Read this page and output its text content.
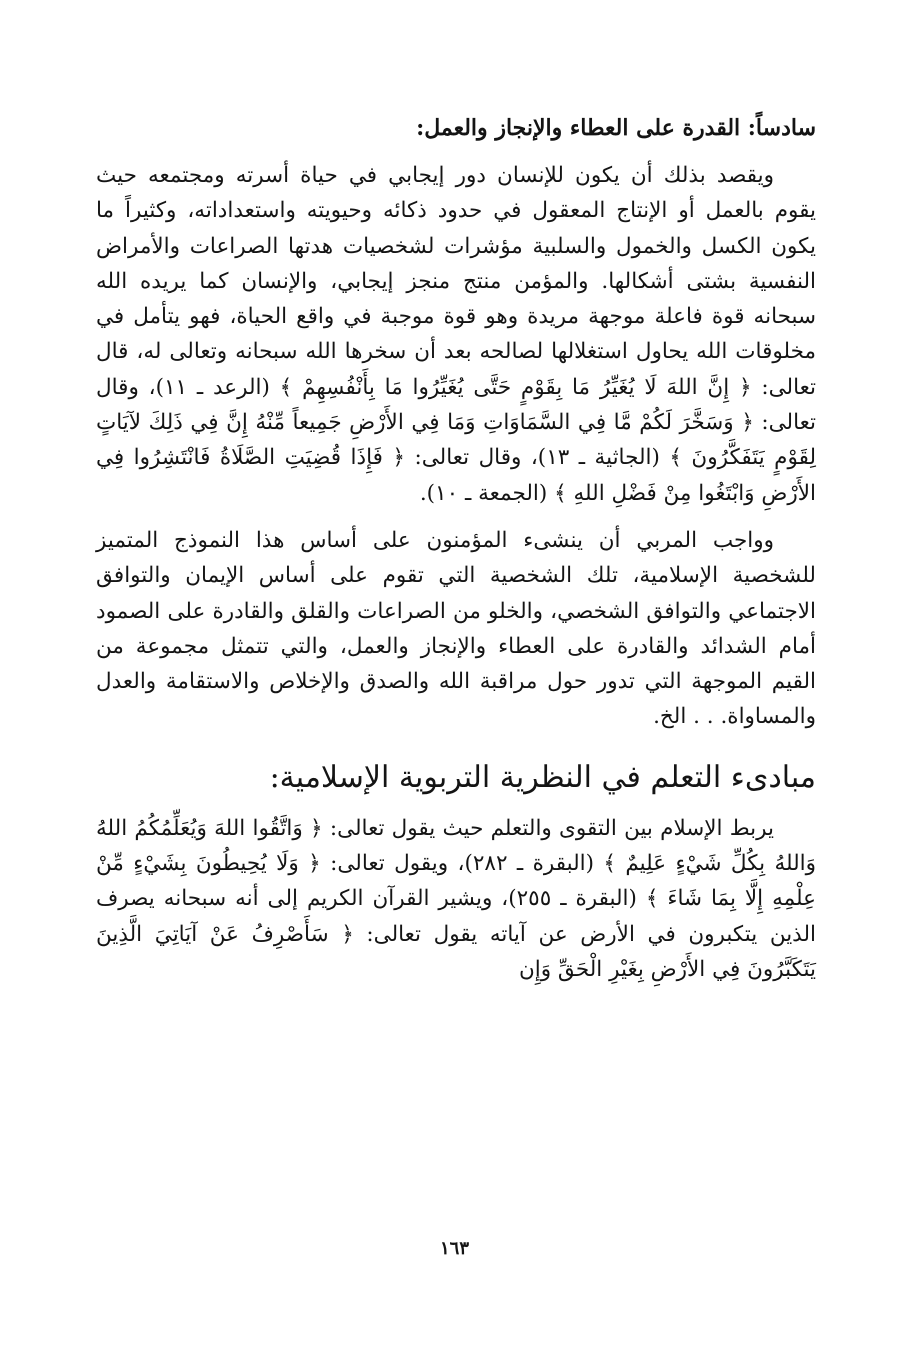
سادساً: القدرة على العطاء والإنجاز والعمل:

ويقصد بذلك أن يكون للإنسان دور إيجابي في حياة أسرته ومجتمعه حيث يقوم بالعمل أو الإنتاج المعقول في حدود ذكائه وحيويته واستعداداته، وكثيراً ما يكون الكسل والخمول والسلبية مؤشرات لشخصيات هدتها الصراعات والأمراض النفسية بشتى أشكالها. والمؤمن منتج منجز إيجابي، والإنسان كما يريده الله سبحانه قوة فاعلة موجهة مريدة وهو قوة موجبة في واقع الحياة، فهو يتأمل في مخلوقات الله يحاول استغلالها لصالحه بعد أن سخرها الله سبحانه وتعالى له، قال تعالى: ﴿ إِنَّ اللهَ لَا يُغَيِّرُ مَا بِقَوْمٍ حَتَّى يُغَيِّرُوا مَا بِأَنْفُسِهِمْ ﴾ (الرعد ـ ١١)، وقال تعالى: ﴿ وَسَخَّرَ لَكُمْ مَّا فِي السَّمَاوَاتِ وَمَا فِي الأَرْضِ جَمِيعاً مِّنْهُ إِنَّ فِي ذَلِكَ لآيَاتٍ لِقَوْمٍ يَتَفَكَّرُونَ ﴾ (الجاثية ـ ١٣)، وقال تعالى: ﴿ فَإِذَا قُضِيَتِ الصَّلَاةُ فَانْتَشِرُوا فِي الأَرْضِ وَابْتَغُوا مِنْ فَضْلِ اللهِ ﴾ (الجمعة ـ ١٠).

وواجب المربي أن ينشىء المؤمنون على أساس هذا النموذج المتميز للشخصية الإسلامية، تلك الشخصية التي تقوم على أساس الإيمان والتوافق الاجتماعي والتوافق الشخصي، والخلو من الصراعات والقلق والقادرة على الصمود أمام الشدائد والقادرة على العطاء والإنجاز والعمل، والتي تتمثل مجموعة من القيم الموجهة التي تدور حول مراقبة الله والصدق والإخلاص والاستقامة والعدل والمساواة. . . الخ.

مبادىء التعلم في النظرية التربوية الإسلامية:

يربط الإسلام بين التقوى والتعلم حيث يقول تعالى: ﴿ وَاتَّقُوا اللهَ وَيُعَلِّمُكُمُ اللهُ وَاللهُ بِكُلِّ شَيْءٍ عَلِيمٌ ﴾ (البقرة ـ ٢٨٢)، ويقول تعالى: ﴿ وَلَا يُحِيطُونَ بِشَيْءٍ مِّنْ عِلْمِهِ إِلَّا بِمَا شَاءَ ﴾ (البقرة ـ ٢٥٥)، ويشير القرآن الكريم إلى أنه سبحانه يصرف الذين يتكبرون في الأرض عن آياته يقول تعالى: ﴿ سَأَصْرِفُ عَنْ آيَاتِيَ الَّذِينَ يَتَكَبَّرُونَ فِي الأَرْضِ بِغَيْرِ الْحَقِّ وَإِن

١٦٣
